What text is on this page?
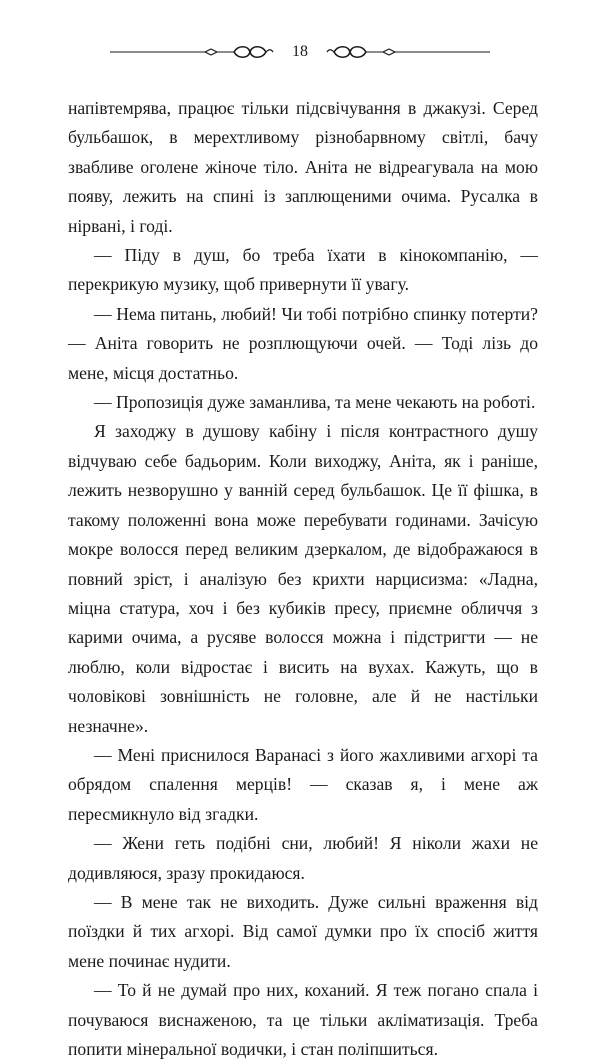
18

напівтемрява, працює тільки підсвічування в джакузі. Серед бульбашок, в мерехтливому різнобарвному світлі, бачу звабливе оголене жіноче тіло. Аніта не відреагувала на мою появу, лежить на спині із заплющеними очима. Русалка в нірвані, і годі.

— Піду в душ, бо треба їхати в кінокомпанію, — перекрикую музику, щоб привернути її увагу.

— Нема питань, любий! Чи тобі потрібно спинку потерти? — Аніта говорить не розплющуючи очей. — Тоді лізь до мене, місця достатньо.

— Пропозиція дуже заманлива, та мене чекають на роботі.

Я заходжу в душову кабіну і після контрастного душу відчуваю себе бадьорим. Коли виходжу, Аніта, як і раніше, лежить незворушно у ванній серед бульбашок. Це її фішка, в такому положенні вона може перебувати годинами. Зачісую мокре волосся перед великим дзеркалом, де відображаюся в повний зріст, і аналізую без крихти нарцисизма: «Ладна, міцна статура, хоч і без кубиків пресу, приємне обличчя з карими очима, а русяве волосся можна і підстригти — не люблю, коли відростає і висить на вухах. Кажуть, що в чоловікові зовнішність не головне, але й не настільки незначне».

— Мені приснилося Варанасі з його жахливими агхорі та обрядом спалення мерців! — сказав я, і мене аж пересмикнуло від згадки.

— Жени геть подібні сни, любий! Я ніколи жахи не додивляюся, зразу прокидаюся.

— В мене так не виходить. Дуже сильні враження від поїздки й тих агхорі. Від самої думки про їх спосіб життя мене починає нудити.

— То й не думай про них, коханий. Я теж погано спала і почуваюся виснаженою, та це тільки акліматизація. Треба попити мінеральної водички, і стан поліпшиться.
